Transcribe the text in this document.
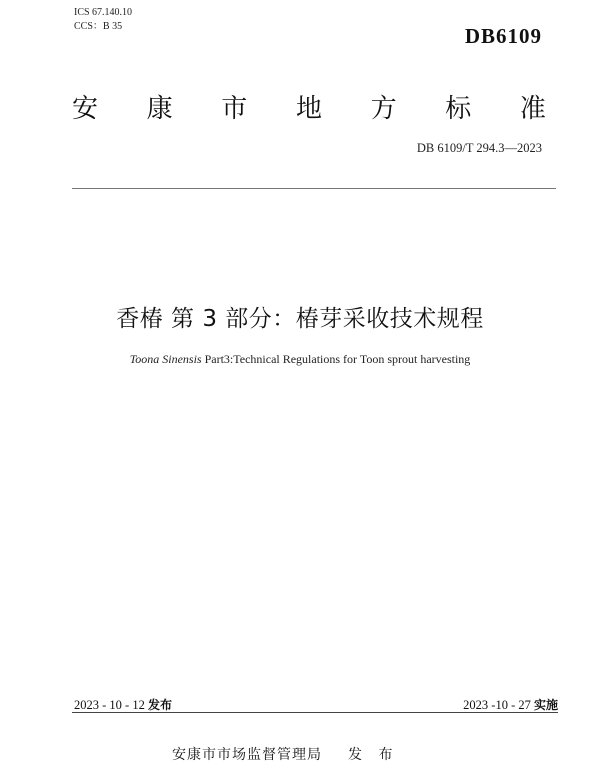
ICS 67.140.10
CCS：B 35	DB6109
安 康 市 地 方 标 准
DB 6109/T 294.3—2023
香椿 第 3 部分：椿芽采收技术规程
Toona Sinensis Part3:Technical Regulations for Toon sprout harvesting
2023 - 10 - 12 发布	2023 -10 - 27 实施
安康市市场监督管理局 发 布
